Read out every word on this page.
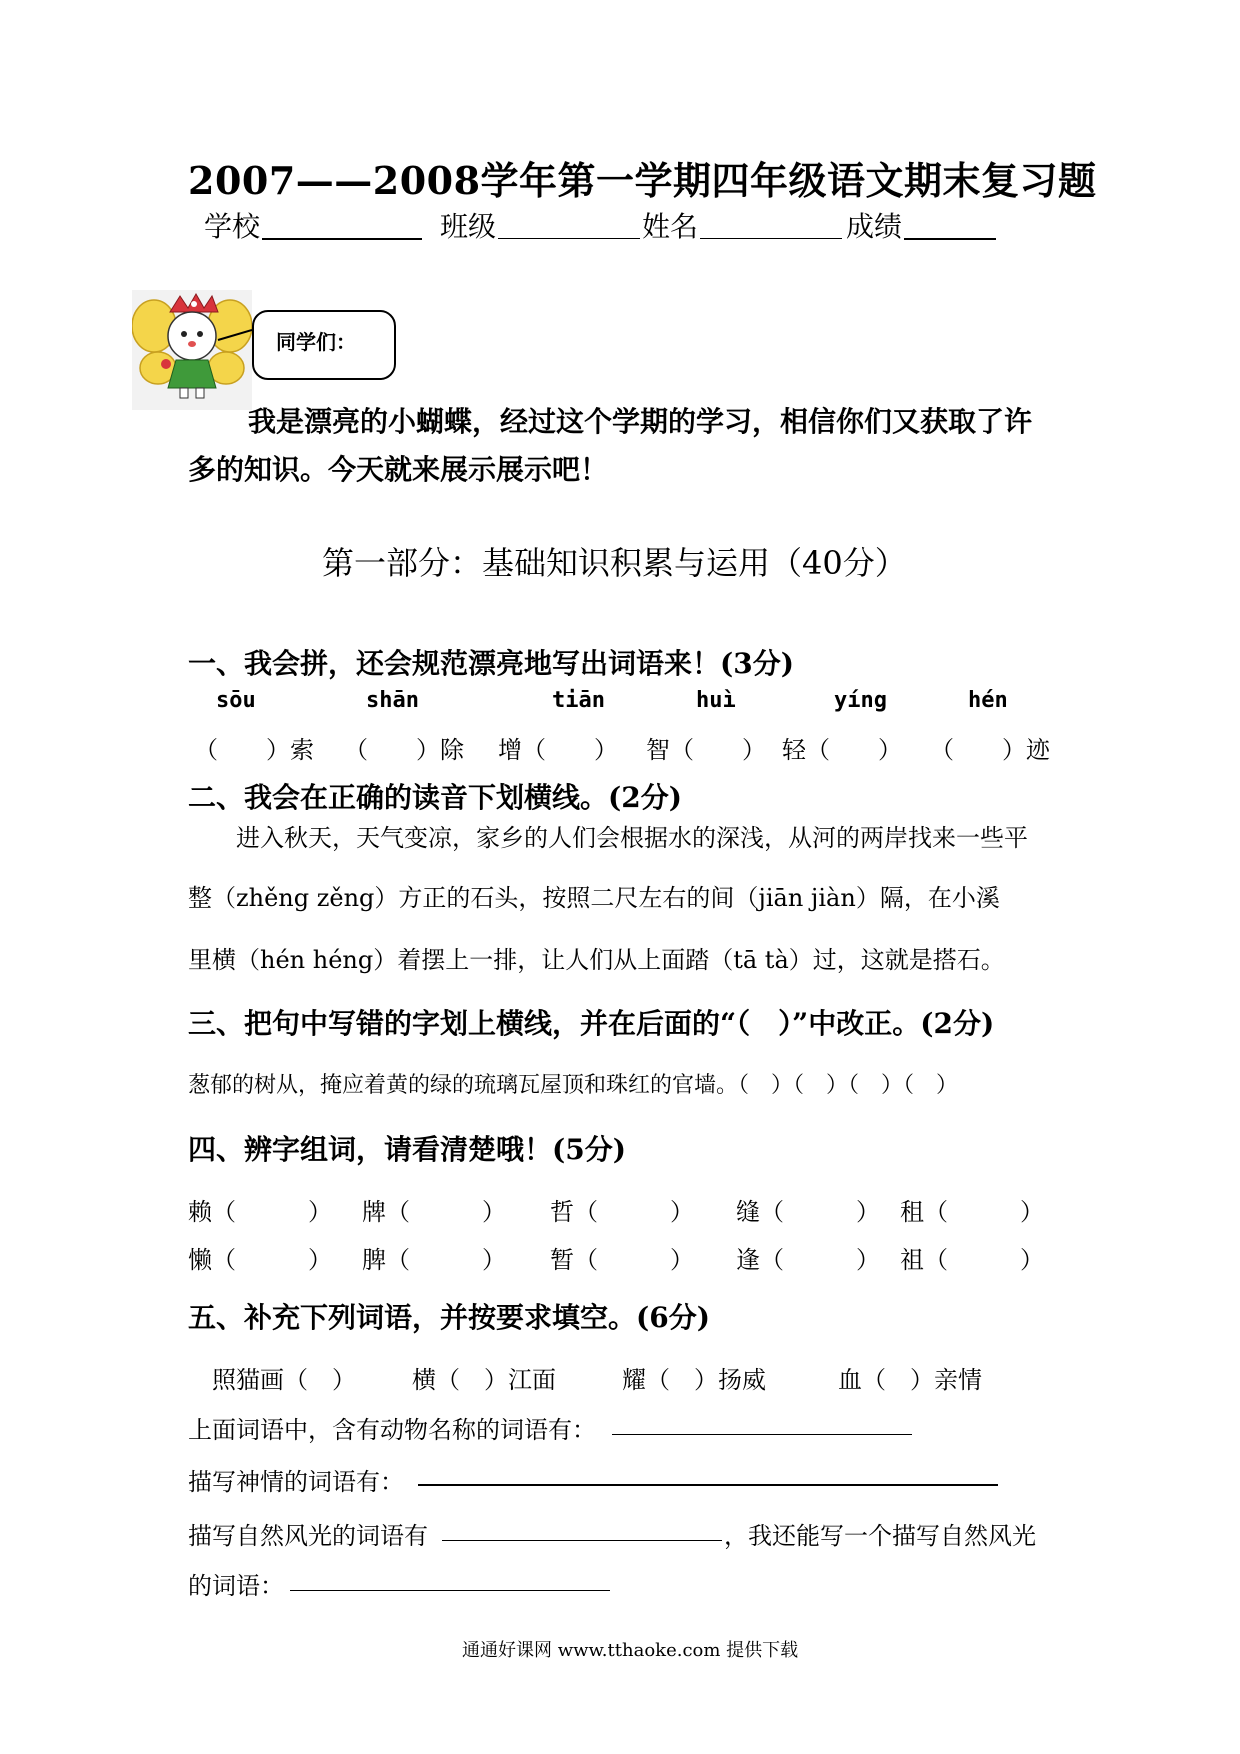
2007——2008学年第一学期四年级语文期末复习题
学校	班级	姓名	成绩
同学们：
我是漂亮的小蝴蝶，经过这个学期的学习，相信你们又获取了许
多的知识。今天就来展示展示吧！
第一部分：基础知识积累与运用（40分）
一、我会拼，还会规范漂亮地写出词语来！(3分)
sōu	shān	tiān	huì	yíng	hén
（　　）索 （　　）除 增（　　） 智（　　） 轻（　　） （　　）迹
二、我会在正确的读音下划横线。(2分)
进入秋天，天气变凉，家乡的人们会根据水的深浅，从河的两岸找来一些平
整（zhěng zěng）方正的石头，按照二尺左右的间（jiān jiàn）隔，在小溪
里横（hén héng）着摆上一排，让人们从上面踏（tā tà）过，这就是搭石。
三、把句中写错的字划上横线，并在后面的“（　）”中改正。(2分)
葱郁的树从，掩应着黄的绿的琉璃瓦屋顶和珠红的官墙。（　）（　）（　）（　）
四、辨字组词，请看清楚哦！(5分)
赖（　　　） 牌（　　　） 哲（　　　） 缝（　　　） 租（　　　）
懒（　　　） 脾（　　　） 暂（　　　） 逢（　　　） 祖（　　　）
五、补充下列词语，并按要求填空。(6分)
照猫画（　） 横（　）江面	耀（　）扬威	血（　）亲情
上面词语中，含有动物名称的词语有：
描写神情的词语有：
描写自然风光的词语有	，我还能写一个描写自然风光
的词语：
通通好课网 www.tthaoke.com 提供下载
